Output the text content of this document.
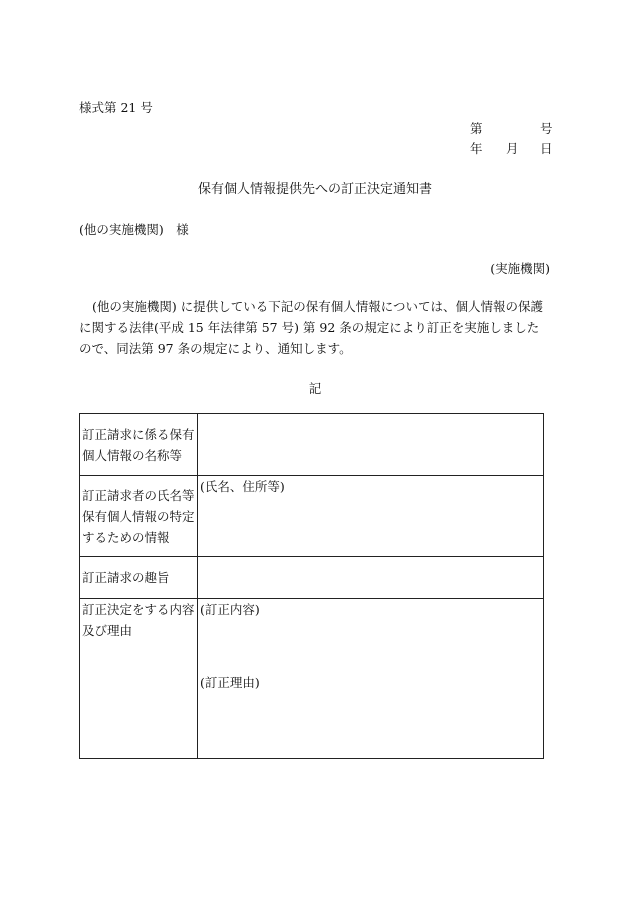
様式第 21 号
第	号
年 月 日
保有個人情報提供先への訂正決定通知書
(他の実施機関)　様
(実施機関)

(他の実施機関) に提供している下記の保有個人情報については、個人情報の保護に関する法律(平成 15 年法律第 57 号) 第 92 条の規定により訂正を実施しましたので、同法第 97 条の規定により、通知します。

記
訂正請求に係る保有個人情報の名称等	
訂正請求者の氏名等保有個人情報の特定するための情報	(氏名、住所等)

訂正請求の趣旨	
訂正決定をする内容及び理由	(訂正内容)
(訂正理由)
